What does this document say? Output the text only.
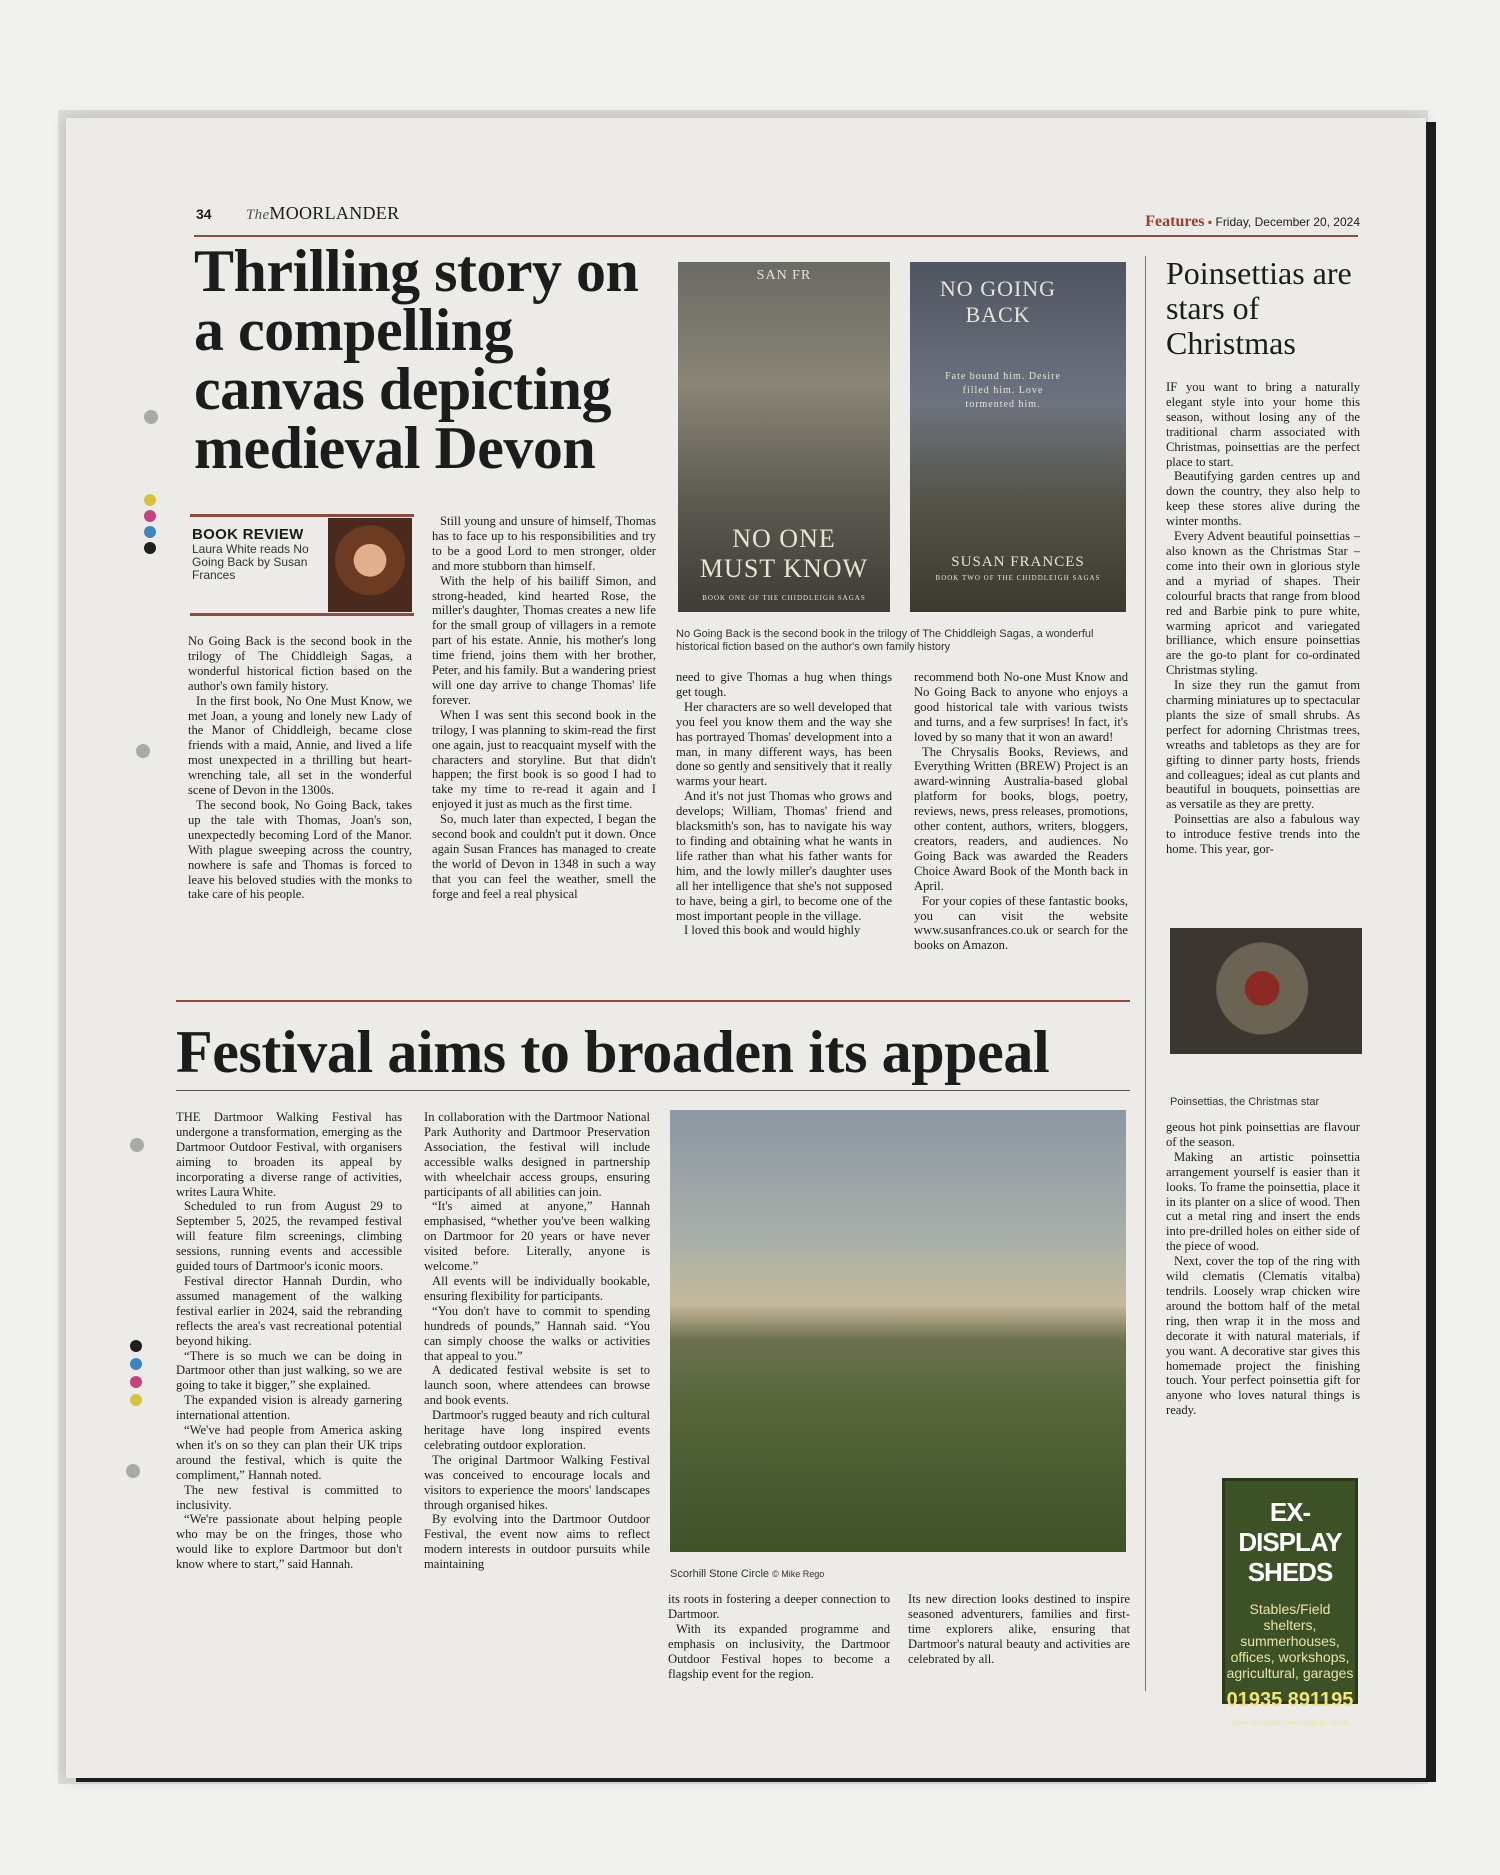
34 TheMOORLANDER	Features ▪ Friday, December 20, 2024
Thrilling story on a compelling canvas depicting medieval Devon
BOOK REVIEW
Laura White reads No Going Back by Susan Frances
SAN FR
NO ONE MUST KNOW
BOOK ONE OF THE CHIDDLEIGH SAGAS
NO GOING BACK
Fate bound him. Desire filled him. Love tormented him.
SUSAN FRANCES
BOOK TWO OF THE CHIDDLEIGH SAGAS
No Going Back is the second book in the trilogy of The Chiddleigh Sagas, a wonderful historical fiction based on the author's own family history

No Going Back is the second book in the trilogy of The Chiddleigh Sagas, a wonderful historical fiction based on the author's own family history.

In the first book, No One Must Know, we met Joan, a young and lonely new Lady of the Manor of Chiddleigh, became close friends with a maid, Annie, and lived a life most unexpected in a thrilling but heart-wrenching tale, all set in the wonderful scene of Devon in the 1300s.

The second book, No Going Back, takes up the tale with Thomas, Joan's son, unexpectedly becoming Lord of the Manor. With plague sweeping across the country, nowhere is safe and Thomas is forced to leave his beloved studies with the monks to take care of his people.

Still young and unsure of himself, Thomas has to face up to his responsibilities and try to be a good Lord to men stronger, older and more stubborn than himself.

With the help of his bailiff Simon, and strong-headed, kind hearted Rose, the miller's daughter, Thomas creates a new life for the small group of villagers in a remote part of his estate. Annie, his mother's long time friend, joins them with her brother, Peter, and his family. But a wandering priest will one day arrive to change Thomas' life forever.

When I was sent this second book in the trilogy, I was planning to skim-read the first one again, just to reacquaint myself with the characters and storyline. But that didn't happen; the first book is so good I had to take my time to re-read it again and I enjoyed it just as much as the first time.

So, much later than expected, I began the second book and couldn't put it down. Once again Susan Frances has managed to create the world of Devon in 1348 in such a way that you can feel the weather, smell the forge and feel a real physical

need to give Thomas a hug when things get tough.

Her characters are so well developed that you feel you know them and the way she has portrayed Thomas' development into a man, in many different ways, has been done so gently and sensitively that it really warms your heart.

And it's not just Thomas who grows and develops; William, Thomas' friend and blacksmith's son, has to navigate his way to finding and obtaining what he wants in life rather than what his father wants for him, and the lowly miller's daughter uses all her intelligence that she's not supposed to have, being a girl, to become one of the most important people in the village.

I loved this book and would highly

recommend both No-one Must Know and No Going Back to anyone who enjoys a good historical tale with various twists and turns, and a few surprises! In fact, it's loved by so many that it won an award!

The Chrysalis Books, Reviews, and Everything Written (BREW) Project is an award-winning Australia-based global platform for books, blogs, poetry, reviews, news, press releases, promotions, other content, authors, writers, bloggers, creators, readers, and audiences. No Going Back was awarded the Readers Choice Award Book of the Month back in April.

For your copies of these fantastic books, you can visit the website www.susanfrances.co.uk or search for the books on Amazon.

Poinsettias are stars of Christmas

IF you want to bring a naturally elegant style into your home this season, without losing any of the traditional charm associated with Christmas, poinsettias are the perfect place to start.

Beautifying garden centres up and down the country, they also help to keep these stores alive during the winter months.

Every Advent beautiful poinsettias – also known as the Christmas Star – come into their own in glorious style and a myriad of shapes. Their colourful bracts that range from blood red and Barbie pink to pure white, warming apricot and variegated brilliance, which ensure poinsettias are the go-to plant for co-ordinated Christmas styling.

In size they run the gamut from charming miniatures up to spectacular plants the size of small shrubs. As perfect for adorning Christmas trees, wreaths and tabletops as they are for gifting to dinner party hosts, friends and colleagues; ideal as cut plants and beautiful in bouquets, poinsettias are as versatile as they are pretty.

Poinsettias are also a fabulous way to introduce festive trends into the home. This year, gor-

Poinsettias, the Christmas star

geous hot pink poinsettias are flavour of the season.

Making an artistic poinsettia arrangement yourself is easier than it looks. To frame the poinsettia, place it in its planter on a slice of wood. Then cut a metal ring and insert the ends into pre-drilled holes on either side of the piece of wood.

Next, cover the top of the ring with wild clematis (Clematis vitalba) tendrils. Loosely wrap chicken wire around the bottom half of the metal ring, then wrap it in the moss and decorate it with natural materials, if you want. A decorative star gives this homemade project the finishing touch. Your perfect poinsettia gift for anyone who loves natural things is ready.

EX-DISPLAY SHEDS
Stables/Field shelters, summerhouses, offices, workshops, agricultural, garages
01935 891195
www.centraltimberbuildings.co.uk
Festival aims to broaden its appeal

THE Dartmoor Walking Festival has undergone a transformation, emerging as the Dartmoor Outdoor Festival, with organisers aiming to broaden its appeal by incorporating a diverse range of activities, writes Laura White.

Scheduled to run from August 29 to September 5, 2025, the revamped festival will feature film screenings, climbing sessions, running events and accessible guided tours of Dartmoor's iconic moors.

Festival director Hannah Durdin, who assumed management of the walking festival earlier in 2024, said the rebranding reflects the area's vast recreational potential beyond hiking.

“There is so much we can be doing in Dartmoor other than just walking, so we are going to take it bigger,” she explained.

The expanded vision is already garnering international attention.

“We've had people from America asking when it's on so they can plan their UK trips around the festival, which is quite the compliment,” Hannah noted.

The new festival is committed to inclusivity.

“We're passionate about helping people who may be on the fringes, those who would like to explore Dartmoor but don't know where to start,” said Hannah.

In collaboration with the Dartmoor National Park Authority and Dartmoor Preservation Association, the festival will include accessible walks designed in partnership with wheelchair access groups, ensuring participants of all abilities can join.

“It's aimed at anyone,” Hannah emphasised, “whether you've been walking on Dartmoor for 20 years or have never visited before. Literally, anyone is welcome.”

All events will be individually bookable, ensuring flexibility for participants.

“You don't have to commit to spending hundreds of pounds,” Hannah said. “You can simply choose the walks or activities that appeal to you.”

A dedicated festival website is set to launch soon, where attendees can browse and book events.

Dartmoor's rugged beauty and rich cultural heritage have long inspired events celebrating outdoor exploration.

The original Dartmoor Walking Festival was conceived to encourage locals and visitors to experience the moors' landscapes through organised hikes.

By evolving into the Dartmoor Outdoor Festival, the event now aims to reflect modern interests in outdoor pursuits while maintaining

Scorhill Stone Circle © Mike Rego

its roots in fostering a deeper connection to Dartmoor.

With its expanded programme and emphasis on inclusivity, the Dartmoor Outdoor Festival hopes to become a flagship event for the region.

Its new direction looks destined to inspire seasoned adventurers, families and first-time explorers alike, ensuring that Dartmoor's natural beauty and activities are celebrated by all.
